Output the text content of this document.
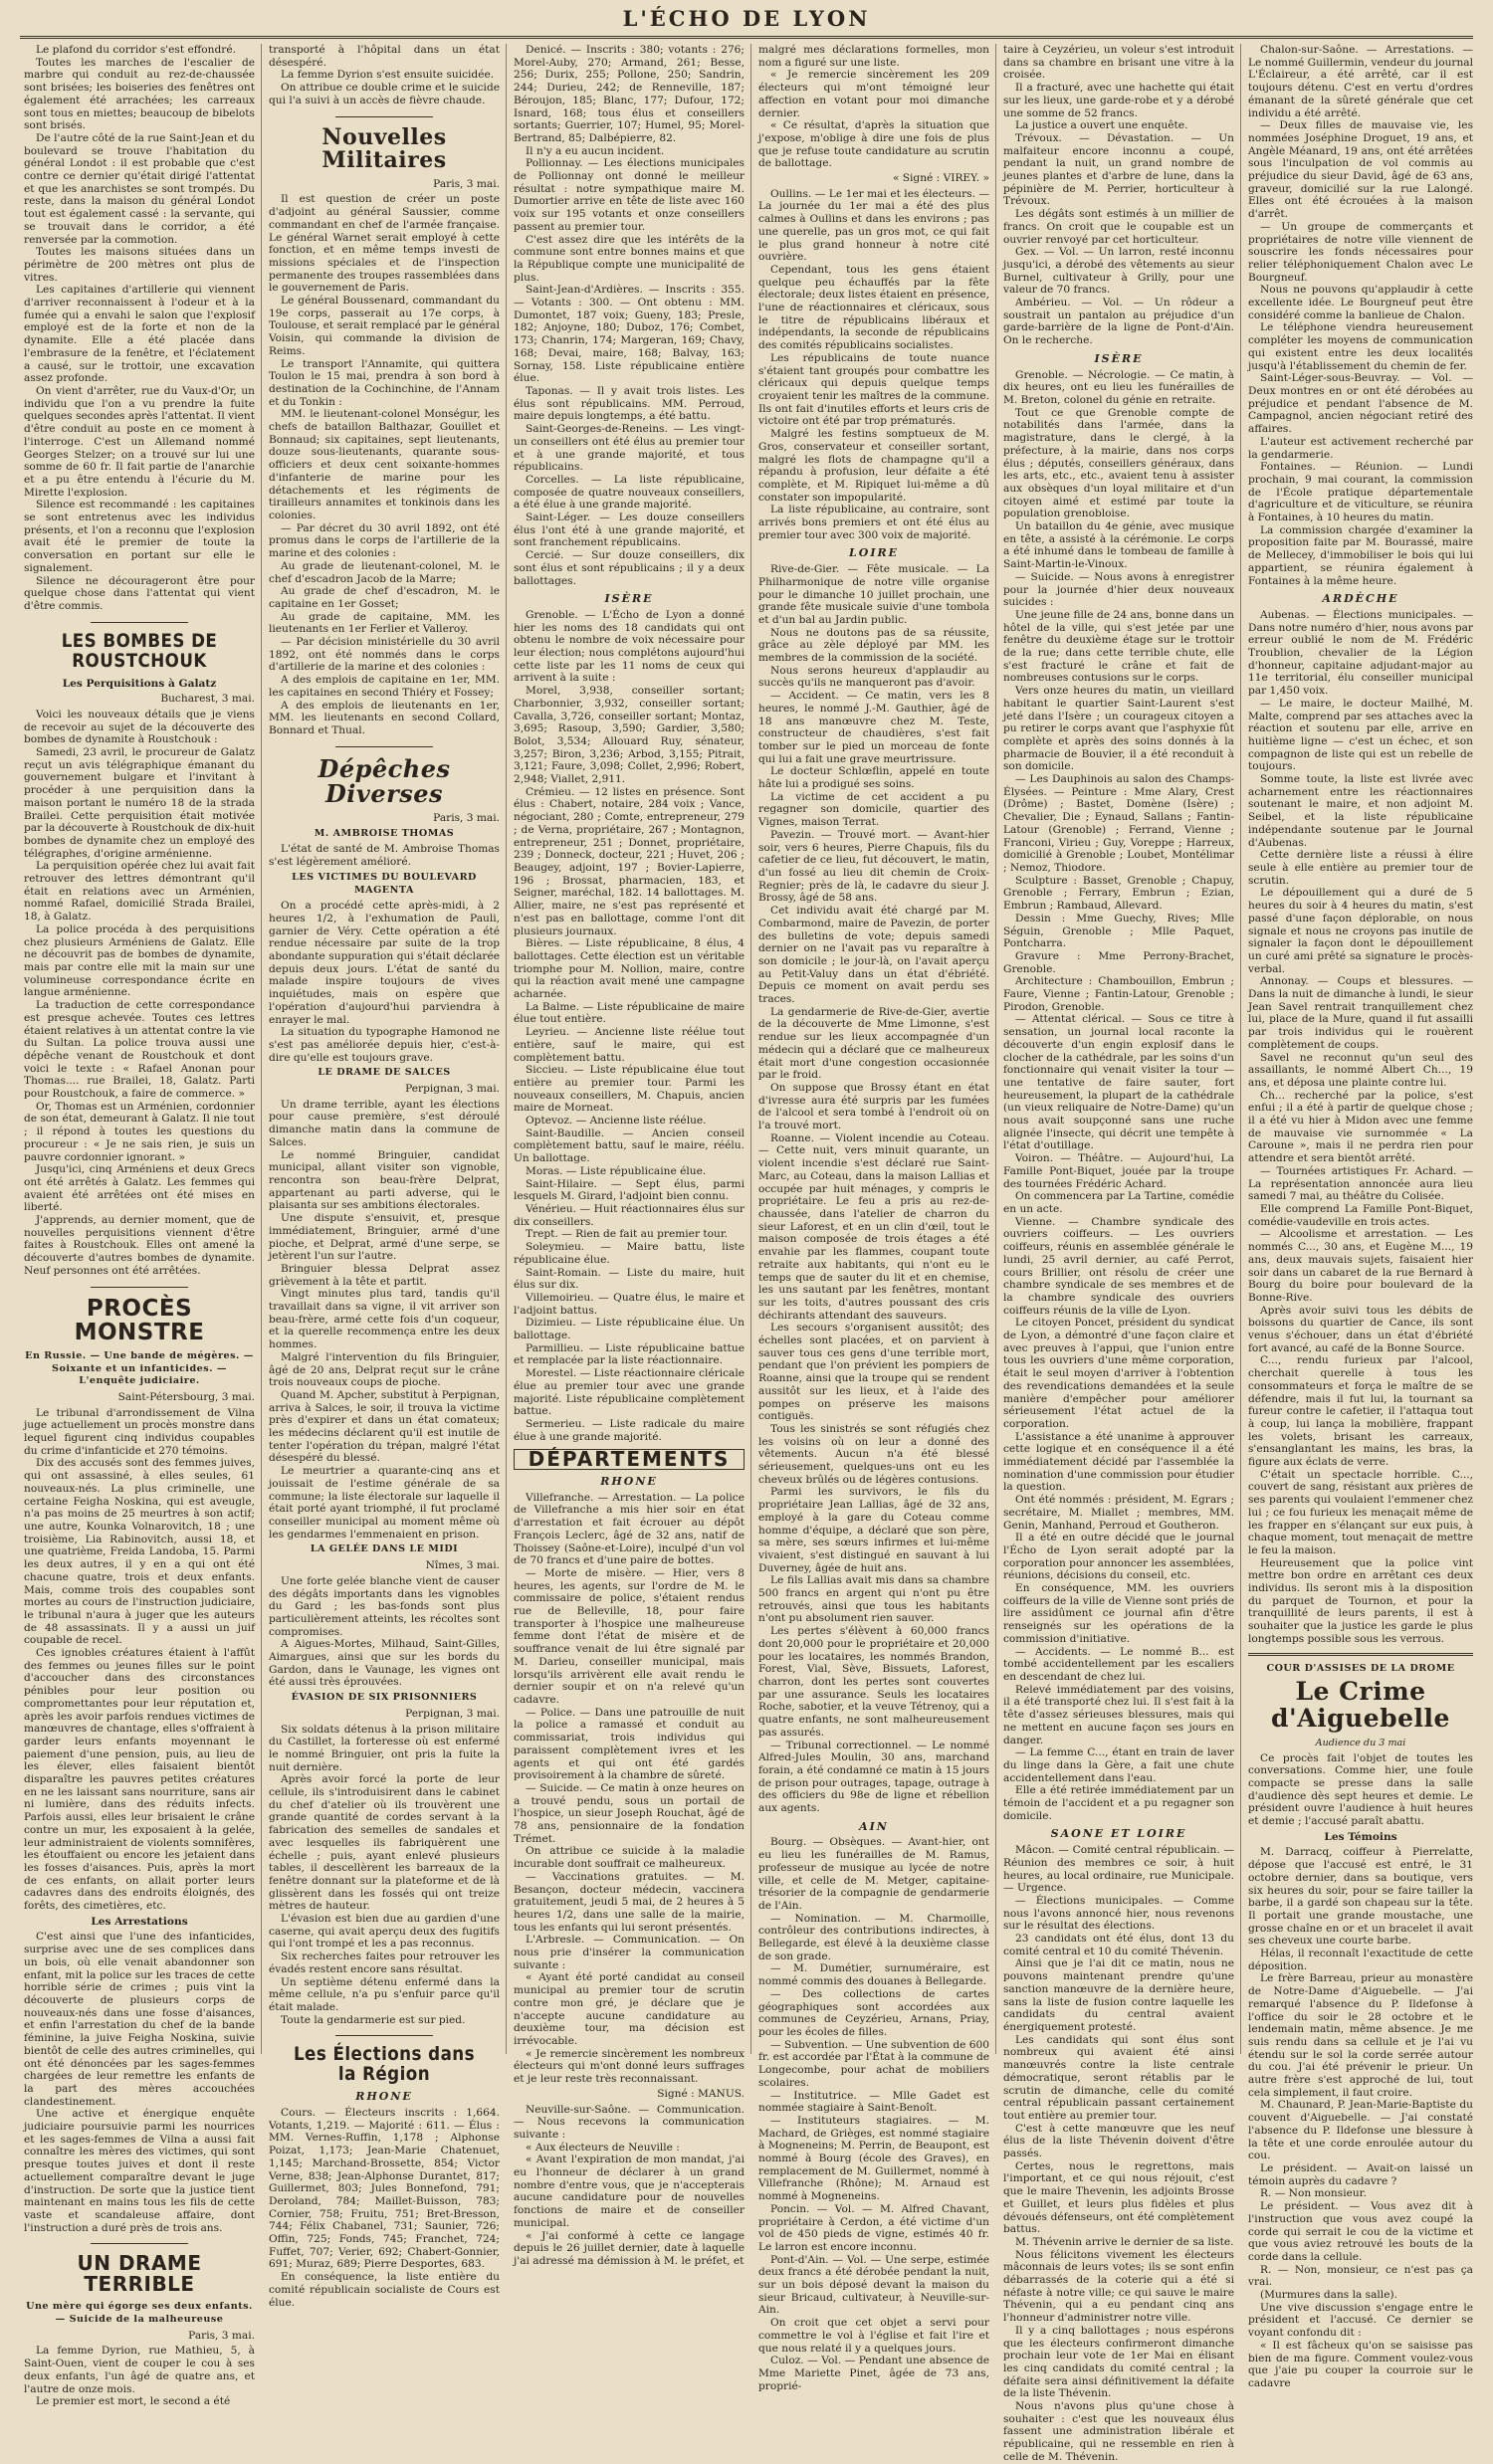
L'ÉCHO DE LYON

Le plafond du corridor s'est effondré.

Toutes les marches de l'escalier de marbre qui conduit au rez-de-chaussée sont brisées; les boiseries des fenêtres ont également été arrachées; les carreaux sont tous en miettes; beaucoup de bibelots sont brisés.

De l'autre côté de la rue Saint-Jean et du boulevard se trouve l'habitation du général Londot : il est probable que c'est contre ce dernier qu'était dirigé l'attentat et que les anarchistes se sont trompés. Du reste, dans la maison du général Londot tout est également cassé : la servante, qui se trouvait dans le corridor, a été renversée par la commotion.

Toutes les maisons situées dans un périmètre de 200 mètres ont plus de vitres.

Les capitaines d'artillerie qui viennent d'arriver reconnaissent à l'odeur et à la fumée qui a envahi le salon que l'explosif employé est de la forte et non de la dynamite. Elle a été placée dans l'embrasure de la fenêtre, et l'éclatement a causé, sur le trottoir, une excavation assez profonde.

On vient d'arrêter, rue du Vaux-d'Or, un individu que l'on a vu prendre la fuite quelques secondes après l'attentat. Il vient d'être conduit au poste en ce moment à l'interroge. C'est un Allemand nommé Georges Stelzer; on a trouvé sur lui une somme de 60 fr. Il fait partie de l'anarchie et a pu être entendu à l'écurie du M. Mirette l'explosion.

Silence est recommandé : les capitaines se sont entretenus avec les individus présents, et l'on a reconnu que l'explosion avait été le premier de toute la conversation en portant sur elle le signalement.

Silence ne décourageront être pour quelque chose dans l'attentat qui vient d'être commis.

LES BOMBES DE ROUSTCHOUK
Les Perquisitions à Galatz
Bucharest, 3 mai.

Voici les nouveaux détails que je viens de recevoir au sujet de la découverte des bombes de dynamite à Roustchouk :

Samedi, 23 avril, le procureur de Galatz reçut un avis télégraphique émanant du gouvernement bulgare et l'invitant à procéder à une perquisition dans la maison portant le numéro 18 de la strada Brailei. Cette perquisition était motivée par la découverte à Roustchouk de dix-huit bombes de dynamite chez un employé des télégraphes, d'origine arménienne.

La perquisition opérée chez lui avait fait retrouver des lettres démontrant qu'il était en relations avec un Arménien, nommé Rafael, domicilié Strada Brailei, 18, à Galatz.

La police procéda à des perquisitions chez plusieurs Arméniens de Galatz. Elle ne découvrit pas de bombes de dynamite, mais par contre elle mit la main sur une volumineuse correspondance écrite en langue arménienne.

La traduction de cette correspondance est presque achevée. Toutes ces lettres étaient relatives à un attentat contre la vie du Sultan. La police trouva aussi une dépêche venant de Roustchouk et dont voici le texte : « Rafael Anonan pour Thomas.... rue Brailei, 18, Galatz. Parti pour Roustchouk, a faire de commerce. »

Or, Thomas est un Arménien, cordonnier de son état, demeurant à Galatz. Il nie tout ; il répond à toutes les questions du procureur : « Je ne sais rien, je suis un pauvre cordonnier ignorant. »

Jusqu'ici, cinq Arméniens et deux Grecs ont été arrêtés à Galatz. Les femmes qui avaient été arrêtées ont été mises en liberté.

J'apprends, au dernier moment, que de nouvelles perquisitions viennent d'être faites à Roustchouk. Elles ont amené la découverte d'autres bombes de dynamite. Neuf personnes ont été arrêtées.

PROCÈS MONSTRE
En Russie. — Une bande de mégères. — Soixante et un infanticides. — L'enquête judiciaire.
Saint-Pétersbourg, 3 mai.

Le tribunal d'arrondissement de Vilna juge actuellement un procès monstre dans lequel figurent cinq individus coupables du crime d'infanticide et 270 témoins.

Dix des accusés sont des femmes juives, qui ont assassiné, à elles seules, 61 nouveaux-nés. La plus criminelle, une certaine Feigha Noskina, qui est aveugle, n'a pas moins de 25 meurtres à son actif; une autre, Kounka Volnarovitch, 18 ; une troisième, Lia Rabinovitch, aussi 18, et une quatrième, Freida Landoba, 15. Parmi les deux autres, il y en a qui ont été chacune quatre, trois et deux enfants. Mais, comme trois des coupables sont mortes au cours de l'instruction judiciaire, le tribunal n'aura à juger que les auteurs de 48 assassinats. Il y a aussi un juif coupable de recel.

Ces ignobles créatures étaient à l'affût des femmes ou jeunes filles sur le point d'accoucher dans des circonstances pénibles pour leur position ou compromettantes pour leur réputation et, après les avoir parfois rendues victimes de manœuvres de chantage, elles s'offraient à garder leurs enfants moyennant le paiement d'une pension, puis, au lieu de les élever, elles faisaient bientôt disparaître les pauvres petites créatures en ne les laissant sans nourriture, sans air ni lumière, dans des réduits infects. Parfois aussi, elles leur brisaient le crâne contre un mur, les exposaient à la gelée, leur administraient de violents somnifères, les étouffaient ou encore les jetaient dans les fosses d'aisances. Puis, après la mort de ces enfants, on allait porter leurs cadavres dans des endroits éloignés, des forêts, des cimetières, etc.

Les Arrestations

C'est ainsi que l'une des infanticides, surprise avec une de ses complices dans un bois, où elle venait abandonner son enfant, mit la police sur les traces de cette horrible série de crimes ; puis vint la découverte de plusieurs corps de nouveaux-nés dans une fosse d'aisances, et enfin l'arrestation du chef de la bande féminine, la juive Feigha Noskina, suivie bientôt de celle des autres criminelles, qui ont été dénoncées par les sages-femmes chargées de leur remettre les enfants de la part des mères accouchées clandestinement.

Une active et énergique enquête judiciaire poursuivie parmi les nourrices et les sages-femmes de Vilna a aussi fait connaître les mères des victimes, qui sont presque toutes juives et dont il reste actuellement comparaître devant le juge d'instruction. De sorte que la justice tient maintenant en mains tous les fils de cette vaste et scandaleuse affaire, dont l'instruction a duré près de trois ans.

UN DRAME TERRIBLE
Une mère qui égorge ses deux enfants. — Suicide de la malheureuse
Paris, 3 mai.

La femme Dyrion, rue Mathieu, 5, à Saint-Ouen, vient de couper le cou à ses deux enfants, l'un âgé de quatre ans, et l'autre de onze mois.

Le premier est mort, le second a été

transporté à l'hôpital dans un état désespéré.

La femme Dyrion s'est ensuite suicidée.

On attribue ce double crime et le suicide qui l'a suivi à un accès de fièvre chaude.

Nouvelles Militaires
Paris, 3 mai.

Il est question de créer un poste d'adjoint au général Saussier, comme commandant en chef de l'armée française. Le général Warnet serait employé à cette fonction, et en même temps investi de missions spéciales et de l'inspection permanente des troupes rassemblées dans le gouvernement de Paris.

Le général Boussenard, commandant du 19e corps, passerait au 17e corps, à Toulouse, et serait remplacé par le général Voisin, qui commande la division de Reims.

Le transport l'Annamite, qui quittera Toulon le 15 mai, prendra à son bord à destination de la Cochinchine, de l'Annam et du Tonkin :

MM. le lieutenant-colonel Monségur, les chefs de bataillon Balthazar, Gouillet et Bonnaud; six capitaines, sept lieutenants, douze sous-lieutenants, quarante sous-officiers et deux cent soixante-hommes d'infanterie de marine pour les détachements et les régiments de tirailleurs annamites et tonkinois dans les colonies.

— Par décret du 30 avril 1892, ont été promus dans le corps de l'artillerie de la marine et des colonies :

Au grade de lieutenant-colonel, M. le chef d'escadron Jacob de la Marre;

Au grade de chef d'escadron, M. le capitaine en 1er Gosset;

Au grade de capitaine, MM. les lieutenants en 1er Ferlier et Valleroy.

— Par décision ministérielle du 30 avril 1892, ont été nommés dans le corps d'artillerie de la marine et des colonies :

A des emplois de capitaine en 1er, MM. les capitaines en second Thiéry et Fossey;

A des emplois de lieutenants en 1er, MM. les lieutenants en second Collard, Bonnard et Thual.

Dépêches Diverses
Paris, 3 mai.
M. AMBROISE THOMAS

L'état de santé de M. Ambroise Thomas s'est légèrement amélioré.

LES VICTIMES DU BOULEVARD MAGENTA

On a procédé cette après-midi, à 2 heures 1/2, à l'exhumation de Pauli, garnier de Véry. Cette opération a été rendue nécessaire par suite de la trop abondante suppuration qui s'était déclarée depuis deux jours. L'état de santé du malade inspire toujours de vives inquiétudes, mais on espère que l'opération d'aujourd'hui parviendra à enrayer le mal.

La situation du typographe Hamonod ne s'est pas améliorée depuis hier, c'est-à-dire qu'elle est toujours grave.

LE DRAME DE SALCES
Perpignan, 3 mai.

Un drame terrible, ayant les élections pour cause première, s'est déroulé dimanche matin dans la commune de Salces.

Le nommé Bringuier, candidat municipal, allant visiter son vignoble, rencontra son beau-frère Delprat, appartenant au parti adverse, qui le plaisanta sur ses ambitions électorales.

Une dispute s'ensuivit, et, presque immédiatement, Bringuier, armé d'une pioche, et Delprat, armé d'une serpe, se jetèrent l'un sur l'autre.

Bringuier blessa Delprat assez grièvement à la tête et partit.

Vingt minutes plus tard, tandis qu'il travaillait dans sa vigne, il vit arriver son beau-frère, armé cette fois d'un coqueur, et la querelle recommença entre les deux hommes.

Malgré l'intervention du fils Bringuier, âgé de 20 ans, Delprat reçut sur le crâne trois nouveaux coups de pioche.

Quand M. Apcher, substitut à Perpignan, arriva à Salces, le soir, il trouva la victime près d'expirer et dans un état comateux; les médecins déclarent qu'il est inutile de tenter l'opération du trépan, malgré l'état désespéré du blessé.

Le meurtrier a quarante-cinq ans et jouissait de l'estime générale de sa commune; la liste électorale sur laquelle il était porté ayant triomphé, il fut proclamé conseiller municipal au moment même où les gendarmes l'emmenaient en prison.

LA GELÉE DANS LE MIDI
Nîmes, 3 mai.

Une forte gelée blanche vient de causer des dégâts importants dans les vignobles du Gard ; les bas-fonds sont plus particulièrement atteints, les récoltes sont compromises.

A Aigues-Mortes, Milhaud, Saint-Gilles, Aimargues, ainsi que sur les bords du Gardon, dans le Vaunage, les vignes ont été aussi très éprouvées.

ÉVASION DE SIX PRISONNIERS
Perpignan, 3 mai.

Six soldats détenus à la prison militaire du Castillet, la forteresse où est enfermé le nommé Bringuier, ont pris la fuite la nuit dernière.

Après avoir forcé la porte de leur cellule, ils s'introduisirent dans le cabinet du chef d'atelier où ils trouvèrent une grande quantité de cordes servant à la fabrication des semelles de sandales et avec lesquelles ils fabriquèrent une échelle ; puis, ayant enlevé plusieurs tables, il descellèrent les barreaux de la fenêtre donnant sur la plateforme et de là glissèrent dans les fossés qui ont treize mètres de hauteur.

L'évasion est bien due au gardien d'une caserne, qui avait aperçu deux des fugitifs qui l'ont trompé et les a pas reconnus.

Six recherches faites pour retrouver les évadés restent encore sans résultat.

Un septième détenu enfermé dans la même cellule, n'a pu s'enfuir parce qu'il était malade.

Toute la gendarmerie est sur pied.

Les Élections dans la Région
RHONE

Cours. — Électeurs inscrits : 1,664. Votants, 1,219. — Majorité : 611. — Élus : MM. Vernes-Ruffin, 1,178 ; Alphonse Poizat, 1,173; Jean-Marie Chatenuet, 1,145; Marchand-Brossette, 854; Victor Verne, 838; Jean-Alphonse Durantet, 817; Guillermet, 803; Jules Bonnefond, 791; Deroland, 784; Maillet-Buisson, 783; Cornier, 758; Fruitu, 751; Bret-Bresson, 744; Félix Chabanel, 731; Saunier, 726; Offin, 725; Fonds, 745; Franchet, 724; Fuffet, 707; Verier, 692; Chabert-Gonnier, 691; Muraz, 689; Pierre Desportes, 683.

En conséquence, la liste entière du comité républicain socialiste de Cours est élue.

Denicé. — Inscrits : 380; votants : 276; Morel-Auby, 270; Armand, 261; Besse, 256; Durix, 255; Pollone, 250; Sandrin, 244; Durieu, 242; de Renneville, 187; Béroujon, 185; Blanc, 177; Dufour, 172; Isnard, 168; tous élus et conseillers sortants; Guerrier, 107; Humel, 95; Morel-Bertrand, 85; Dalbépierre, 82.

Il n'y a eu aucun incident.

Pollionnay. — Les élections municipales de Pollionnay ont donné le meilleur résultat : notre sympathique maire M. Dumortier arrive en tête de liste avec 160 voix sur 195 votants et onze conseillers passent au premier tour.

C'est assez dire que les intérêts de la commune sont entre bonnes mains et que la République compte une municipalité de plus.

Saint-Jean-d'Ardières. — Inscrits : 355. — Votants : 300. — Ont obtenu : MM. Dumontet, 187 voix; Gueny, 183; Presle, 182; Anjoyne, 180; Duboz, 176; Combet, 173; Chanrin, 174; Margeran, 169; Chavy, 168; Devai, maire, 168; Balvay, 163; Sornay, 158. Liste républicaine entière élue.

Taponas. — Il y avait trois listes. Les élus sont républicains. MM. Perroud, maire depuis longtemps, a été battu.

Saint-Georges-de-Reneins. — Les vingt-un conseillers ont été élus au premier tour et à une grande majorité, et tous républicains.

Corcelles. — La liste républicaine, composée de quatre nouveaux conseillers, a été élue à une grande majorité.

Saint-Léger. — Les douze conseillers élus l'ont été à une grande majorité, et sont franchement républicains.

Cercié. — Sur douze conseillers, dix sont élus et sont républicains ; il y a deux ballottages.

ISÈRE

Grenoble. — L'Écho de Lyon a donné hier les noms des 18 candidats qui ont obtenu le nombre de voix nécessaire pour leur élection; nous complétons aujourd'hui cette liste par les 11 noms de ceux qui arrivent à la suite :

Morel, 3,938, conseiller sortant; Charbonnier, 3,932, conseiller sortant; Cavalla, 3,726, conseiller sortant; Montaz, 3,695; Rasoup, 3,590; Gardier, 3,580; Bolot, 3,534; Allouard Ruy, sénateur, 3,257; Biron, 3,236; Arbod, 3,155; Pitrait, 3,121; Faure, 3,098; Collet, 2,996; Robert, 2,948; Viallet, 2,911.

Crémieu. — 12 listes en présence. Sont élus : Chabert, notaire, 284 voix ; Vance, négociant, 280 ; Comte, entrepreneur, 279 ; de Verna, propriétaire, 267 ; Montagnon, entrepreneur, 251 ; Donnet, propriétaire, 239 ; Donneck, docteur, 221 ; Huvet, 206 ; Beaugey, adjoint, 197 ; Bovier-Lapierre, 196 ; Brossat, pharmacien, 183, et Seigner, maréchal, 182. 14 ballottages. M. Allier, maire, ne s'est pas représenté et n'est pas en ballottage, comme l'ont dit plusieurs journaux.

Bières. — Liste républicaine, 8 élus, 4 ballottages. Cette élection est un véritable triomphe pour M. Nollion, maire, contre qui la réaction avait mené une campagne acharnée.

La Balme. — Liste républicaine de maire élue tout entière.

Leyrieu. — Ancienne liste réélue tout entière, sauf le maire, qui est complètement battu.

Siccieu. — Liste républicaine élue tout entière au premier tour. Parmi les nouveaux conseillers, M. Chapuis, ancien maire de Morneat.

Optevoz. — Ancienne liste réélue.

Saint-Baudille. — Ancien conseil complètement battu, sauf le maire, réélu. Un ballottage.

Moras. — Liste républicaine élue.

Saint-Hilaire. — Sept élus, parmi lesquels M. Girard, l'adjoint bien connu.

Vénérieu. — Huit réactionnaires élus sur dix conseillers.

Trept. — Rien de fait au premier tour.

Soleymieu. — Maire battu, liste républicaine élue.

Saint-Romain. — Liste du maire, huit élus sur dix.

Villemoirieu. — Quatre élus, le maire et l'adjoint battus.

Dizimieu. — Liste républicaine élue. Un ballottage.

Parmillieu. — Liste républicaine battue et remplacée par la liste réactionnaire.

Morestel. — Liste réactionnaire cléricale élue au premier tour avec une grande majorité. Liste républicaine complètement battue.

Sermerieu. — Liste radicale du maire élue à une grande majorité.

DÉPARTEMENTS
RHONE

Villefranche. — Arrestation. — La police de Villefranche a mis hier soir en état d'arrestation et fait écrouer au dépôt François Leclerc, âgé de 32 ans, natif de Thoissey (Saône-et-Loire), inculpé d'un vol de 70 francs et d'une paire de bottes.

— Morte de misère. — Hier, vers 8 heures, les agents, sur l'ordre de M. le commissaire de police, s'étaient rendus rue de Belleville, 18, pour faire transporter à l'hospice une malheureuse femme dont l'état de misère et de souffrance venait de lui être signalé par M. Darieu, conseiller municipal, mais lorsqu'ils arrivèrent elle avait rendu le dernier soupir et on n'a relevé qu'un cadavre.

— Police. — Dans une patrouille de nuit la police a ramassé et conduit au commissariat, trois individus qui paraissent complètement ivres et les agents et qui ont été gardés provisoirement à la chambre de sûreté.

— Suicide. — Ce matin à onze heures on a trouvé pendu, sous un portail de l'hospice, un sieur Joseph Rouchat, âgé de 78 ans, pensionnaire de la fondation Trémet.

On attribue ce suicide à la maladie incurable dont souffrait ce malheureux.

— Vaccinations gratuites. — M. Besançon, docteur médecin, vaccinera gratuitement, jeudi 5 mai, de 2 heures à 5 heures 1/2, dans une salle de la mairie, tous les enfants qui lui seront présentés.

L'Arbresle. — Communication. — On nous prie d'insérer la communication suivante :

« Ayant été porté candidat au conseil municipal au premier tour de scrutin contre mon gré, je déclare que je n'accepte aucune candidature au deuxième tour, ma décision est irrévocable.

« Je remercie sincèrement les nombreux électeurs qui m'ont donné leurs suffrages et je leur reste très reconnaissant.

Signé : MANUS.

Neuville-sur-Saône. — Communication. — Nous recevons la communication suivante :

« Aux électeurs de Neuville :

« Avant l'expiration de mon mandat, j'ai eu l'honneur de déclarer à un grand nombre d'entre vous, que je n'accepterais aucune candidature pour de nouvelles fonctions de maire et de conseiller municipal.

« J'ai conformé à cette ce langage depuis le 26 juillet dernier, date à laquelle j'ai adressé ma démission à M. le préfet, et

malgré mes déclarations formelles, mon nom a figuré sur une liste.

« Je remercie sincèrement les 209 électeurs qui m'ont témoigné leur affection en votant pour moi dimanche dernier.

« Ce résultat, d'après la situation que j'expose, m'oblige à dire une fois de plus que je refuse toute candidature au scrutin de ballottage.

« Signé : VIREY. »

Oullins. — Le 1er mai et les électeurs. — La journée du 1er mai a été des plus calmes à Oullins et dans les environs ; pas une querelle, pas un gros mot, ce qui fait le plus grand honneur à notre cité ouvrière.

Cependant, tous les gens étaient quelque peu échauffés par la fête électorale; deux listes étaient en présence, l'une de réactionnaires et cléricaux, sous le titre de républicains libéraux et indépendants, la seconde de républicains des comités républicains socialistes.

Les républicains de toute nuance s'étaient tant groupés pour combattre les cléricaux qui depuis quelque temps croyaient tenir les maîtres de la commune. Ils ont fait d'inutiles efforts et leurs cris de victoire ont été par trop prématurés.

Malgré les festins somptueux de M. Gros, conservateur et conseiller sortant, malgré les flots de champagne qu'il a répandu à profusion, leur défaite a été complète, et M. Ripiquet lui-même a dû constater son impopularité.

La liste républicaine, au contraire, sont arrivés bons premiers et ont été élus au premier tour avec 300 voix de majorité.

LOIRE

Rive-de-Gier. — Fête musicale. — La Philharmonique de notre ville organise pour le dimanche 10 juillet prochain, une grande fête musicale suivie d'une tombola et d'un bal au Jardin public.

Nous ne doutons pas de sa réussite, grâce au zèle déployé par MM. les membres de la commission de la société.

Nous serons heureux d'applaudir au succès qu'ils ne manqueront pas d'avoir.

— Accident. — Ce matin, vers les 8 heures, le nommé J.-M. Gauthier, âgé de 18 ans manœuvre chez M. Teste, constructeur de chaudières, s'est fait tomber sur le pied un morceau de fonte qui lui a fait une grave meurtrissure.

Le docteur Schlœflin, appelé en toute hâte lui a prodigué ses soins.

La victime de cet accident a pu regagner son domicile, quartier des Vignes, maison Terrat.

Pavezin. — Trouvé mort. — Avant-hier soir, vers 6 heures, Pierre Chapuis, fils du cafetier de ce lieu, fut découvert, le matin, d'un fossé au lieu dit chemin de Croix-Regnier; près de là, le cadavre du sieur J. Brossy, âgé de 58 ans.

Cet individu avait été chargé par M. Combarmond, maire de Pavezin, de porter des bulletins de vote; depuis samedi dernier on ne l'avait pas vu reparaître à son domicile ; le jour-là, on l'avait aperçu au Petit-Valuy dans un état d'ébriété. Depuis ce moment on avait perdu ses traces.

La gendarmerie de Rive-de-Gier, avertie de la découverte de Mme Limonne, s'est rendue sur les lieux accompagnée d'un médecin qui a déclaré que ce malheureux était mort d'une congestion occasionnée par le froid.

On suppose que Brossy étant en état d'ivresse aura été surpris par les fumées de l'alcool et sera tombé à l'endroit où on l'a trouvé mort.

Roanne. — Violent incendie au Coteau. — Cette nuit, vers minuit quarante, un violent incendie s'est déclaré rue Saint-Marc, au Coteau, dans la maison Lallias et occupée par huit ménages, y compris le propriétaire. Le feu a pris au rez-de-chaussée, dans l'atelier de charron du sieur Laforest, et en un clin d'œil, tout le maison composée de trois étages a été envahie par les flammes, coupant toute retraite aux habitants, qui n'ont eu le temps que de sauter du lit et en chemise, les uns sautant par les fenêtres, montant sur les toits, d'autres poussant des cris déchirants attendant des sauveurs.

Les secours s'organisent aussitôt; des échelles sont placées, et on parvient à sauver tous ces gens d'une terrible mort, pendant que l'on prévient les pompiers de Roanne, ainsi que la troupe qui se rendent aussitôt sur les lieux, et à l'aide des pompes on préserve les maisons contiguës.

Tous les sinistrés se sont réfugiés chez les voisins où on leur a donné des vêtements. Aucun n'a été blessé sérieusement, quelques-uns ont eu les cheveux brûlés ou de légères contusions.

Parmi les survivors, le fils du propriétaire Jean Lallias, âgé de 32 ans, employé à la gare du Coteau comme homme d'équipe, a déclaré que son père, sa mère, ses sœurs infirmes et lui-même vivaient, s'est distingué en sauvant à lui Duverney, âgée de huit ans.

Le fils Lallias avait mis dans sa chambre 500 francs en argent qui n'ont pu être retrouvés, ainsi que tous les habitants n'ont pu absolument rien sauver.

Les pertes s'élèvent à 60,000 francs dont 20,000 pour le propriétaire et 20,000 pour les locataires, les nommés Brandon, Forest, Vial, Sève, Bissuets, Laforest, charron, dont les pertes sont couvertes par une assurance. Seuls les locataires Roche, sabotier, et la veuve Tétrenoy, qui a quatre enfants, ne sont malheureusement pas assurés.

— Tribunal correctionnel. — Le nommé Alfred-Jules Moulin, 30 ans, marchand forain, a été condamné ce matin à 15 jours de prison pour outrages, tapage, outrage à des officiers du 98e de ligne et rébellion aux agents.

AIN

Bourg. — Obsèques. — Avant-hier, ont eu lieu les funérailles de M. Ramus, professeur de musique au lycée de notre ville, et celle de M. Metger, capitaine-trésorier de la compagnie de gendarmerie de l'Ain.

— Nomination. — M. Charmoille, contrôleur des contributions indirectes, à Bellegarde, est élevé à la deuxième classe de son grade.

— M. Dumétier, surnuméraire, est nommé commis des douanes à Bellegarde.

— Des collections de cartes géographiques sont accordées aux communes de Ceyzérieu, Arnans, Priay, pour les écoles de filles.

— Subvention. — Une subvention de 600 fr. est accordée par l'État à la commune de Longecombe, pour achat de mobiliers scolaires.

— Institutrice. — Mlle Gadet est nommée stagiaire à Saint-Benoît.

— Instituteurs stagiaires. — M. Machard, de Grièges, est nommé stagiaire à Mogneneins; M. Perrin, de Beaupont, est nommé à Bourg (école des Graves), en remplacement de M. Guillermet, nommé à Villefranche (Rhône); M. Arnaud est nommé à Mogneneins.

Poncin. — Vol. — M. Alfred Chavant, propriétaire à Cerdon, a été victime d'un vol de 450 pieds de vigne, estimés 40 fr. Le larron est encore inconnu.

Pont-d'Ain. — Vol. — Une serpe, estimée deux francs a été dérobée pendant la nuit, sur un bois déposé devant la maison du sieur Bricaud, cultivateur, à Neuville-sur-Ain.

On croit que cet objet a servi pour commettre le vol à l'église et fait l'ire et que nous relaté il y a quelques jours.

Culoz. — Vol. — Pendant une absence de Mme Mariette Pinet, âgée de 73 ans, proprié-

taire à Ceyzérieu, un voleur s'est introduit dans sa chambre en brisant une vitre à la croisée.

Il a fracturé, avec une hachette qui était sur les lieux, une garde-robe et y a dérobé une somme de 52 francs.

La justice a ouvert une enquête.

Trévoux. — Dévastation. — Un malfaiteur encore inconnu a coupé, pendant la nuit, un grand nombre de jeunes plantes et d'arbre de lune, dans la pépinière de M. Perrier, horticulteur à Trévoux.

Les dégâts sont estimés à un millier de francs. On croit que le coupable est un ouvrier renvoyé par cet horticulteur.

Gex. — Vol. — Un larron, resté inconnu jusqu'ici, a dérobé des vêtements au sieur Burnel, cultivateur à Grilly, pour une valeur de 70 francs.

Ambérieu. — Vol. — Un rôdeur a soustrait un pantalon au préjudice d'un garde-barrière de la ligne de Pont-d'Ain. On le recherche.

ISÈRE

Grenoble. — Nécrologie. — Ce matin, à dix heures, ont eu lieu les funérailles de M. Breton, colonel du génie en retraite.

Tout ce que Grenoble compte de notabilités dans l'armée, dans la magistrature, dans le clergé, à la préfecture, à la mairie, dans nos corps élus ; députés, conseillers généraux, dans les arts, etc., etc., avaient tenu à assister aux obsèques d'un loyal militaire et d'un citoyen aimé et estimé par toute la population grenobloise.

Un bataillon du 4e génie, avec musique en tête, a assisté à la cérémonie. Le corps a été inhumé dans le tombeau de famille à Saint-Martin-le-Vinoux.

— Suicide. — Nous avons à enregistrer pour la journée d'hier deux nouveaux suicides :

Une jeune fille de 24 ans, bonne dans un hôtel de la ville, qui s'est jetée par une fenêtre du deuxième étage sur le trottoir de la rue; dans cette terrible chute, elle s'est fracturé le crâne et fait de nombreuses contusions sur le corps.

Vers onze heures du matin, un vieillard habitant le quartier Saint-Laurent s'est jeté dans l'Isère ; un courageux citoyen a pu retirer le corps avant que l'asphyxie fût complète et après des soins donnés à la pharmacie de Bouvier, il a été reconduit à son domicile.

— Les Dauphinois au salon des Champs-Élysées. — Peinture : Mme Alary, Crest (Drôme) ; Bastet, Domène (Isère) ; Chevalier, Die ; Eynaud, Sallans ; Fantin-Latour (Grenoble) ; Ferrand, Vienne ; Franconi, Virieu ; Guy, Voreppe ; Harreux, domicilié à Grenoble ; Loubet, Montélimar ; Nemoz, Thiodore.

Sculpture : Basset, Grenoble ; Chapuy, Grenoble ; Ferrary, Embrun ; Ezian, Embrun ; Rambaud, Allevard.

Dessin : Mme Guechy, Rives; Mlle Séguin, Grenoble ; Mlle Paquet, Pontcharra.

Gravure : Mme Perrony-Brachet, Grenoble.

Architecture : Chambouillon, Embrun ; Faure, Vienne ; Fantin-Latour, Grenoble ; Pirodon, Grenoble.

— Attentat clérical. — Sous ce titre à sensation, un journal local raconte la découverte d'un engin explosif dans le clocher de la cathédrale, par les soins d'un fonctionnaire qui venait visiter la tour — une tentative de faire sauter, fort heureusement, la plupart de la cathédrale (un vieux reliquaire de Notre-Dame) qu'un nous avait soupçonné sans une ruche alignée l'insecte, qui décrit une tempête à l'état d'outillage.

Voiron. — Théâtre. — Aujourd'hui, La Famille Pont-Biquet, jouée par la troupe des tournées Frédéric Achard.

On commencera par La Tartine, comédie en un acte.

Vienne. — Chambre syndicale des ouvriers coiffeurs. — Les ouvriers coiffeurs, réunis en assemblée générale le lundi, 25 avril dernier, au café Perrot, cours Brillier, ont résolu de créer une chambre syndicale de ses membres et de la chambre syndicale des ouvriers coiffeurs réunis de la ville de Lyon.

Le citoyen Poncet, président du syndicat de Lyon, a démontré d'une façon claire et avec preuves à l'appui, que l'union entre tous les ouvriers d'une même corporation, était le seul moyen d'arriver à l'obtention des revendications demandées et la seule manière d'empêcher pour améliorer sérieusement l'état actuel de la corporation.

L'assistance a été unanime à approuver cette logique et en conséquence il a été immédiatement décidé par l'assemblée la nomination d'une commission pour étudier la question.

Ont été nommés : président, M. Egrars ; secrétaire, M. Miallet ; membres, MM. Genin, Manhand, Perroud et Goutheron.

Il a été en outre décidé que le journal l'Écho de Lyon serait adopté par la corporation pour annoncer les assemblées, réunions, décisions du conseil, etc.

En conséquence, MM. les ouvriers coiffeurs de la ville de Vienne sont priés de lire assidûment ce journal afin d'être renseignés sur les opérations de la commission d'initiative.

— Accidents. — Le nommé B... est tombé accidentellement par les escaliers en descendant de chez lui.

Relevé immédiatement par des voisins, il a été transporté chez lui. Il s'est fait à la tête d'assez sérieuses blessures, mais qui ne mettent en aucune façon ses jours en danger.

— La femme C..., étant en train de laver du linge dans la Gère, a fait une chute accidentellement dans l'eau.

Elle a été retirée immédiatement par un témoin de l'accident et a pu regagner son domicile.

SAONE ET LOIRE

Mâcon. — Comité central républicain. — Réunion des membres ce soir, à huit heures, au local ordinaire, rue Municipale. — Urgence.

— Élections municipales. — Comme nous l'avons annoncé hier, nous revenons sur le résultat des élections.

23 candidats ont été élus, dont 13 du comité central et 10 du comité Thévenin.

Ainsi que je l'ai dit ce matin, nous ne pouvons maintenant prendre qu'une sanction manœuvre de la dernière heure, sans la liste de fusion contre laquelle les candidats du central avaient énergiquement protesté.

Les candidats qui sont élus sont nombreux qui avaient été ainsi manœuvrés contre la liste centrale démocratique, seront rétablis par le scrutin de dimanche, celle du comité central républicain passant certainement tout entière au premier tour.

C'est à cette manœuvre que les neuf élus de la liste Thévenin doivent d'être passés.

Certes, nous le regrettons, mais l'important, et ce qui nous réjouit, c'est que le maire Thevenin, les adjoints Brosse et Guillet, et leurs plus fidèles et plus dévoués défenseurs, ont été complètement battus.

M. Thévenin arrive le dernier de sa liste.

Nous félicitons vivement les électeurs mâconnais de leurs votes; ils se sont enfin débarrassés de la coterie qui a été si néfaste à notre ville; ce qui sauve le maire Thévenin, qui a eu pendant cinq ans l'honneur d'administrer notre ville.

Il y a cinq ballottages ; nous espérons que les électeurs confirmeront dimanche prochain leur vote de 1er Mai en élisant les cinq candidats du comité central ; la défaite sera ainsi définitivement la défaite de la liste Thévenin.

Nous n'avons plus qu'une chose à souhaiter : c'est que les nouveaux élus fassent une administration libérale et républicaine, qui ne ressemble en rien à celle de M. Thévenin.

Chalon-sur-Saône. — Arrestations. — Le nommé Guillermin, vendeur du journal L'Éclaireur, a été arrêté, car il est toujours détenu. C'est en vertu d'ordres émanant de la sûreté générale que cet individu a été arrêté.

— Deux filles de mauvaise vie, les nommées Joséphine Droguet, 19 ans, et Angèle Méanard, 19 ans, ont été arrêtées sous l'inculpation de vol commis au préjudice du sieur David, âgé de 63 ans, graveur, domicilié sur la rue Lalongé. Elles ont été écrouées à la maison d'arrêt.

— Un groupe de commerçants et propriétaires de notre ville viennent de souscrire les fonds nécessaires pour relier téléphoniquement Chalon avec Le Bourgneuf.

Nous ne pouvons qu'applaudir à cette excellente idée. Le Bourgneuf peut être considéré comme la banlieue de Chalon.

Le téléphone viendra heureusement compléter les moyens de communication qui existent entre les deux localités jusqu'à l'établissement du chemin de fer.

Saint-Léger-sous-Beuvray. — Vol. — Deux montres en or ont été dérobées au préjudice et pendant l'absence de M. Campagnol, ancien négociant retiré des affaires.

L'auteur est activement recherché par la gendarmerie.

Fontaines. — Réunion. — Lundi prochain, 9 mai courant, la commission de l'École pratique départementale d'agriculture et de viticulture, se réunira à Fontaines, à 10 heures du matin.

La commission chargée d'examiner la proposition faite par M. Bourassé, maire de Mellecey, d'immobiliser le bois qui lui appartient, se réunira également à Fontaines à la même heure.

ARDÈCHE

Aubenas. — Élections municipales. — Dans notre numéro d'hier, nous avons par erreur oublié le nom de M. Frédéric Troublion, chevalier de la Légion d'honneur, capitaine adjudant-major au 11e territorial, élu conseiller municipal par 1,450 voix.

— Le maire, le docteur Mailhé, M. Malte, comprend par ses attaches avec la réaction et soutenu par elle, arrive en huitième ligne — c'est un échec, et son compagnon de liste qui est un rebelle de toujours.

Somme toute, la liste est livrée avec acharnement entre les réactionnaires soutenant le maire, et non adjoint M. Seibel, et la liste républicaine indépendante soutenue par le Journal d'Aubenas.

Cette dernière liste a réussi à élire seule à elle entière au premier tour de scrutin.

Le dépouillement qui a duré de 5 heures du soir à 4 heures du matin, s'est passé d'une façon déplorable, on nous signale et nous ne croyons pas inutile de signaler la façon dont le dépouillement un curé ami prêté sa signature le procès-verbal.

Annonay. — Coups et blessures. — Dans la nuit de dimanche à lundi, le sieur Jean Savel rentrait tranquillement chez lui, place de la Mure, quand il fut assailli par trois individus qui le rouèrent complètement de coups.

Savel ne reconnut qu'un seul des assaillants, le nommé Albert Ch..., 19 ans, et déposa une plainte contre lui.

Ch... recherché par la police, s'est enfui ; il a été à partir de quelque chose ; il a été vu hier à Midon avec une femme de mauvaise vie surnommée « La Caroune », mais il ne perdra rien pour attendre et sera bientôt arrêté.

— Tournées artistiques Fr. Achard. — La représentation annoncée aura lieu samedi 7 mai, au théâtre du Colisée.

Elle comprend La Famille Pont-Biquet, comédie-vaudeville en trois actes.

— Alcoolisme et arrestation. — Les nommés C..., 30 ans, et Eugène M..., 19 ans, deux mauvais sujets, faisaient hier soir dans un cabaret de la rue Bernard à Bourg du boire pour boulevard de la Bonne-Rive.

Après avoir suivi tous les débits de boissons du quartier de Cance, ils sont venus s'échouer, dans un état d'ébriété fort avancé, au café de la Bonne Source.

C..., rendu furieux par l'alcool, cherchait querelle à tous les consommateurs et força le maître de se défendre, mais il fut lui, la tournant sa fureur contre le cafetier, il l'attaqua tout à coup, lui lança la mobilière, frappant les volets, brisant les carreaux, s'ensanglantant les mains, les bras, la figure aux éclats de verre.

C'était un spectacle horrible. C..., couvert de sang, résistant aux prières de ses parents qui voulaient l'emmener chez lui ; ce fou furieux les menaçait même de les frapper en s'élançant sur eux puis, à chaque moment, tout menaçait de mettre le feu la maison.

Heureusement que la police vint mettre bon ordre en arrêtant ces deux individus. Ils seront mis à la disposition du parquet de Tournon, et pour la tranquillité de leurs parents, il est à souhaiter que la justice les garde le plus longtemps possible sous les verrous.

COUR D'ASSISES DE LA DROME
Le Crime d'Aiguebelle
Audience du 3 mai

Ce procès fait l'objet de toutes les conversations. Comme hier, une foule compacte se presse dans la salle d'audience dès sept heures et demie. Le président ouvre l'audience à huit heures et demie ; l'accusé paraît abattu.

Les Témoins

M. Darracq, coiffeur à Pierrelatte, dépose que l'accusé est entré, le 31 octobre dernier, dans sa boutique, vers six heures du soir, pour se faire tailler la barbe, il a gardé son chapeau sur la tête. Il portait une grande moustache, une grosse chaîne en or et un bracelet il avait ses cheveux une courte barbe.

Hélas, il reconnaît l'exactitude de cette déposition.

Le frère Barreau, prieur au monastère de Notre-Dame d'Aiguebelle. — J'ai remarqué l'absence du P. Ildefonse à l'office du soir le 28 octobre et le lendemain matin, même absence. Je me suis rendu dans sa cellule et je l'ai vu étendu sur le sol la corde serrée autour du cou. J'ai été prévenir le prieur. Un autre frère s'est approché de lui, tout cela simplement, il faut croire.

M. Chaunard, P. Jean-Marie-Baptiste du couvent d'Aiguebelle. — J'ai constaté l'absence du P. Ildefonse une blessure à la tête et une corde enroulée autour du cou.

Le président. — Avait-on laissé un témoin auprès du cadavre ?

R. — Non monsieur.

Le président. — Vous avez dit à l'instruction que vous avez coupé la corde qui serrait le cou de la victime et que vous aviez retrouvé les bouts de la corde dans la cellule.

R. — Non, monsieur, ce n'est pas ça vrai.

(Murmures dans la salle).

Une vive discussion s'engage entre le président et l'accusé. Ce dernier se voyant confondu dit :

« Il est fâcheux qu'on se saisisse pas bien de ma figure. Comment voulez-vous que j'aie pu couper la courroie sur le cadavre
